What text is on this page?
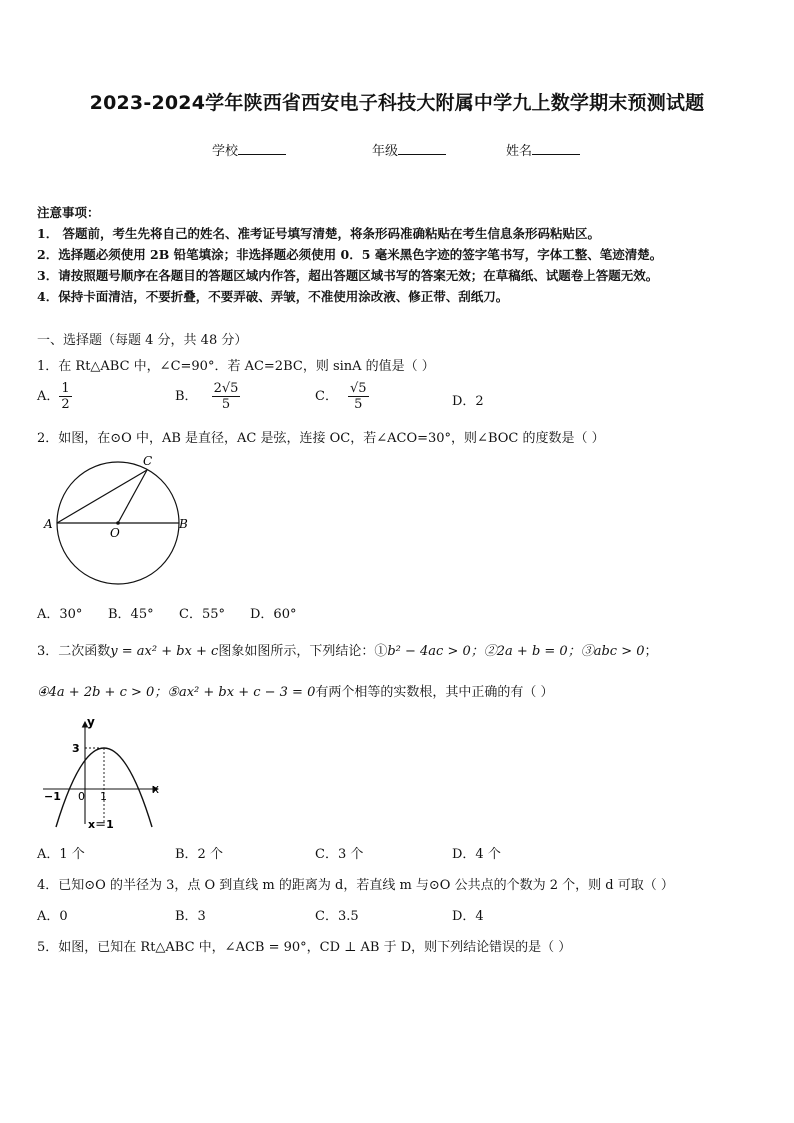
2023-2024学年陕西省西安电子科技大附属中学九上数学期末预测试题
学校	年级	姓名
注意事项：
1． 答题前，考生先将自己的姓名、准考证号填写清楚，将条形码准确粘贴在考生信息条形码粘贴区。
2．选择题必须使用 2B 铅笔填涂；非选择题必须使用 0．5 毫米黑色字迹的签字笔书写，字体工整、笔迹清楚。
3．请按照题号顺序在各题目的答题区域内作答，超出答题区域书写的答案无效；在草稿纸、试题卷上答题无效。
4．保持卡面清洁，不要折叠，不要弄破、弄皱，不准使用涂改液、修正带、刮纸刀。
一、选择题（每题 4 分，共 48 分）
1．在 Rt△ABC 中，∠C=90°．若 AC=2BC，则 sinA 的值是（ ）
A． $\frac{1}{2}$	B． $\frac{2√5}{5}$	C． $\frac{√5}{5}$	D．2
2．如图，在⊙O 中，AB 是直径，AC 是弦，连接 OC，若∠ACO=30°，则∠BOC 的度数是（ ）
A	B
C
O
A．30° B．45° C．55° D．60°
3．二次函数y = ax² + bx + c图象如图所示，下列结论：①b² − 4ac > 0；②2a + b = 0；③abc > 0；
④4a + 2b + c > 0；⑤ax² + bx + c − 3 = 0有两个相等的实数根，其中正确的有（ ）
y
x
3
−1 0 1
x＝1
A．1 个	B．2 个	C．3 个	D．4 个
4．已知⊙O 的半径为 3，点 O 到直线 m 的距离为 d，若直线 m 与⊙O 公共点的个数为 2 个，则 d 可取（ ）
A．0	B．3	C．3.5	D．4
5．如图，已知在 Rt△ABC 中，∠ACB = 90°，CD ⊥ AB 于 D，则下列结论错误的是（ ）
